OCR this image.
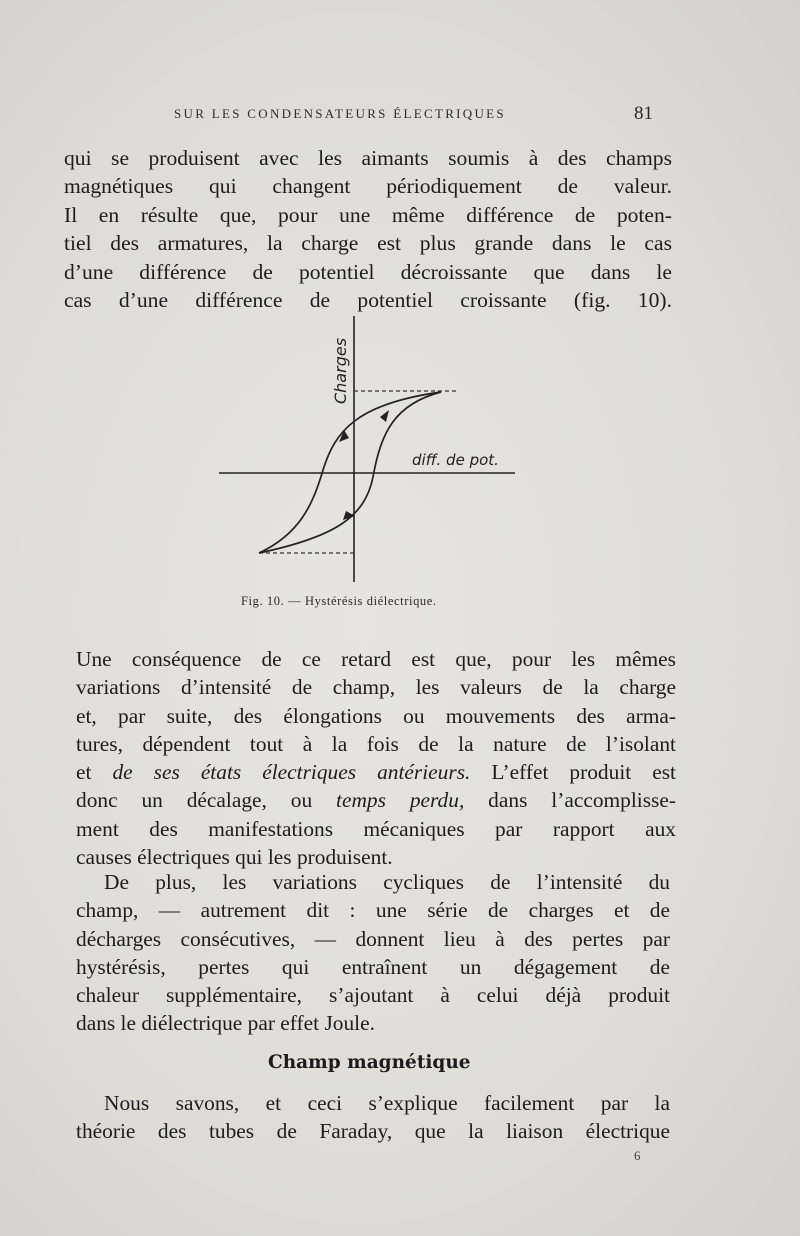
SUR LES CONDENSATEURS ÉLECTRIQUES	81

qui se produisent avec les aimants soumis à des champs

magnétiques qui changent périodiquement de valeur.

Il en résulte que, pour une même différence de poten-

tiel des armatures, la charge est plus grande dans le cas

d’une différence de potentiel décroissante que dans le

cas d’une différence de potentiel croissante (fig. 10).

Charges
diff. de pot.
Fig. 10. — Hystérésis diélectrique.

Une conséquence de ce retard est que, pour les mêmes

variations d’intensité de champ, les valeurs de la charge

et, par suite, des élongations ou mouvements des arma-

tures, dépendent tout à la fois de la nature de l’isolant

et de ses états électriques antérieurs. L’effet produit est

donc un décalage, ou temps perdu, dans l’accomplisse-

ment des manifestations mécaniques par rapport aux

causes électriques qui les produisent.

De plus, les variations cycliques de l’intensité du

champ, — autrement dit : une série de charges et de

décharges consécutives, — donnent lieu à des pertes par

hystérésis, pertes qui entraînent un dégagement de

chaleur supplémentaire, s’ajoutant à celui déjà produit

dans le diélectrique par effet Joule.

Champ magnétique

Nous savons, et ceci s’explique facilement par la

théorie des tubes de Faraday, que la liaison électrique

6
